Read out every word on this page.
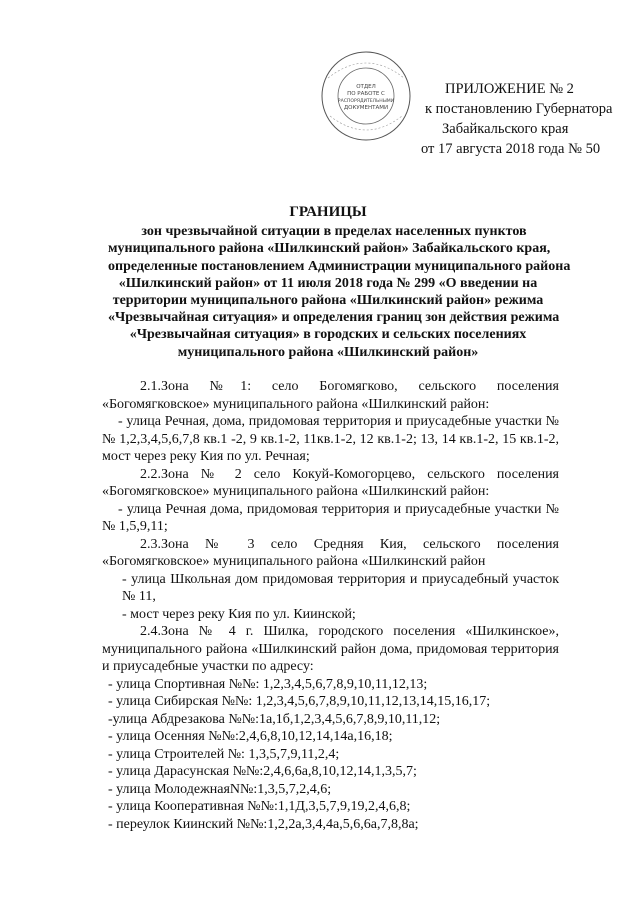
ОТДЕЛ
ПО РАБОТЕ С
РАСПОРЯДИТЕЛЬНЫМИ
ДОКУМЕНТАМИ
ПРИЛОЖЕНИЕ № 2
к постановлению Губернатора
Забайкальского края
от 17 августа 2018 года № 50
ГРАНИЦЫ
зон чрезвычайной ситуации в пределах населенных пунктов
муниципального района «Шилкинский район» Забайкальского края,
определенные постановлением Администрации муниципального района
«Шилкинский район» от 11 июля 2018 года № 299 «О введении на
территории муниципального района «Шилкинский район» режима
«Чрезвычайная ситуация» и определения границ зон действия режима
«Чрезвычайная ситуация» в городских и сельских поселениях
муниципального района «Шилкинский район»
2.1.Зона №1: село Богомягково, сельского поселения «Богомягковское» муниципального района «Шилкинский район:
- улица Речная, дома, придомовая территория и приусадебные участки №№ 1,2,3,4,5,6,7,8 кв.1 -2, 9 кв.1-2, 11кв.1-2, 12 кв.1-2; 13, 14 кв.1-2, 15 кв.1-2, мост через реку Кия по ул. Речная;
2.2.Зона № 2 село Кокуй-Комогорцево, сельского поселения «Богомягковское» муниципального района «Шилкинский район:
- улица Речная дома, придомовая территория и приусадебные участки №№ 1,5,9,11;
2.3.Зона № 3 село Средняя Кия, сельского поселения «Богомягковское» муниципального района «Шилкинский район
- улица Школьная дом придомовая территория и приусадебный участок № 11,
- мост через реку Кия по ул. Киинской;
2.4.Зона № 4 г. Шилка, городского поселения «Шилкинское», муниципального района «Шилкинский район дома, придомовая территория и приусадебные участки по адресу:
- улица Спортивная №№: 1,2,3,4,5,6,7,8,9,10,11,12,13;
- улица Сибирская №№: 1,2,3,4,5,6,7,8,9,10,11,12,13,14,15,16,17;
-улица Абдрезакова №№:1а,1б,1,2,3,4,5,6,7,8,9,10,11,12;
- улица Осенняя №№:2,4,6,8,10,12,14,14а,16,18;
- улица Строителей №: 1,3,5,7,9,11,2,4;
- улица Дарасунская №№:2,4,6,6а,8,10,12,14,1,3,5,7;
- улица МолодежнаяN№:1,3,5,7,2,4,6;
- улица Кооперативная №№:1,1Д,3,5,7,9,19,2,4,6,8;
- переулок Киинский №№:1,2,2а,3,4,4а,5,6,6а,7,8,8а;
